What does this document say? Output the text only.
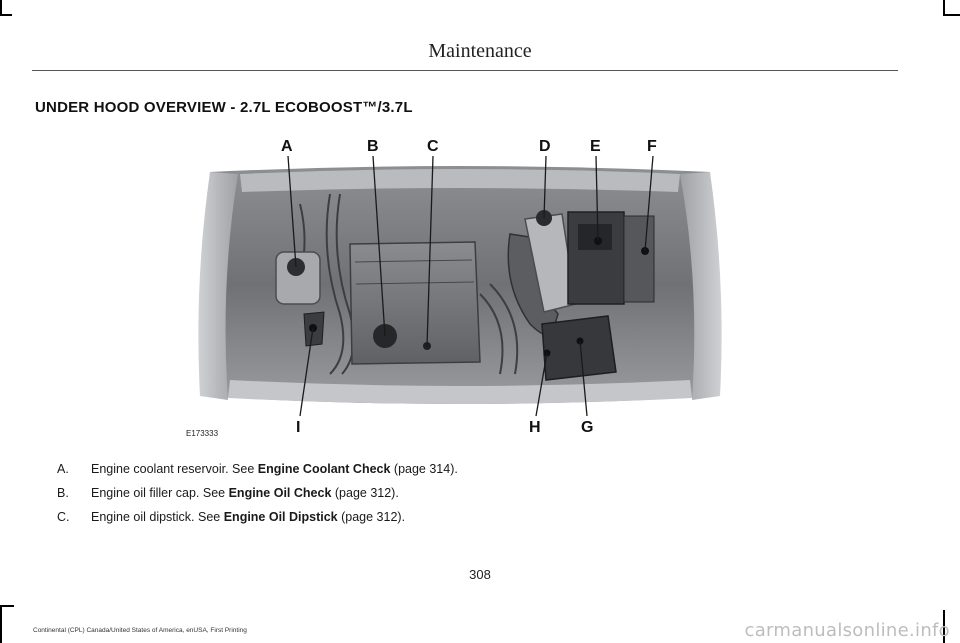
Maintenance
UNDER HOOD OVERVIEW - 2.7L ECOBOOST™/3.7L
A	B	C	D E	F
I	H	G
E173333
A. Engine coolant reservoir. See Engine Coolant Check (page 314).
B. Engine oil filler cap. See Engine Oil Check (page 312).
C. Engine oil dipstick. See Engine Oil Dipstick (page 312).
308
Continental (CPL) Canada/United States of America, enUSA, First Printing	carmanualsonline.info
